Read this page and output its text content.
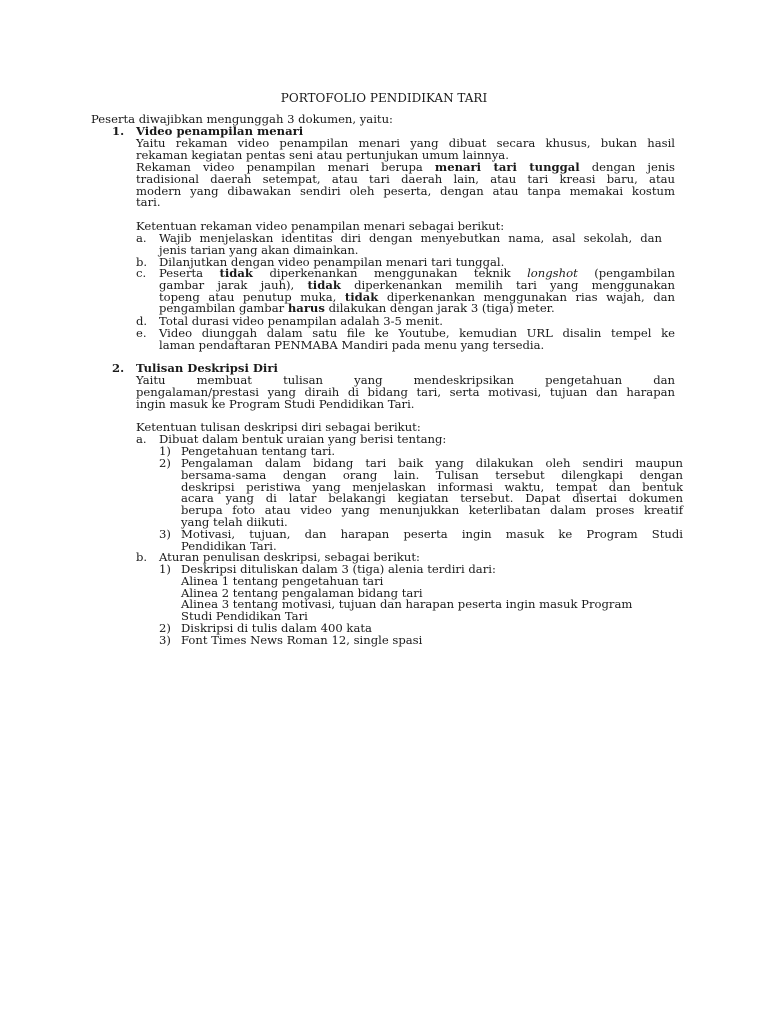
PORTOFOLIO PENDIDIKAN TARI
Peserta diwajibkan mengunggah 3 dokumen, yaitu:
1. Video penampilan menari
Yaitu rekaman video penampilan menari yang dibuat secara khusus, bukan hasil
rekaman kegiatan pentas seni atau pertunjukan umum lainnya.
Rekaman video penampilan menari berupa menari tari tunggal dengan jenis
tradisional daerah setempat, atau tari daerah lain, atau tari kreasi baru, atau
modern yang dibawakan sendiri oleh peserta, dengan atau tanpa memakai kostum
tari.
Ketentuan rekaman video penampilan menari sebagai berikut:
a. Wajib menjelaskan identitas diri dengan menyebutkan nama, asal sekolah, dan
jenis tarian yang akan dimainkan.
b. Dilanjutkan dengan video penampilan menari tari tunggal.
c. Peserta tidak diperkenankan menggunakan teknik longshot (pengambilan
gambar jarak jauh), tidak diperkenankan memilih tari yang menggunakan
topeng atau penutup muka, tidak diperkenankan menggunakan rias wajah, dan
pengambilan gambar harus dilakukan dengan jarak 3 (tiga) meter.
d. Total durasi video penampilan adalah 3-5 menit.
e. Video diunggah dalam satu file ke Youtube, kemudian URL disalin tempel ke
laman pendaftaran PENMABA Mandiri pada menu yang tersedia.
2. Tulisan Deskripsi Diri
Yaitu membuat tulisan yang mendeskripsikan pengetahuan dan
pengalaman/prestasi yang diraih di bidang tari, serta motivasi, tujuan dan harapan
ingin masuk ke Program Studi Pendidikan Tari.
Ketentuan tulisan deskripsi diri sebagai berikut:
a. Dibuat dalam bentuk uraian yang berisi tentang:
1) Pengetahuan tentang tari.
2) Pengalaman dalam bidang tari baik yang dilakukan oleh sendiri maupun
bersama-sama dengan orang lain. Tulisan tersebut dilengkapi dengan
deskripsi peristiwa yang menjelaskan informasi waktu, tempat dan bentuk
acara yang di latar belakangi kegiatan tersebut. Dapat disertai dokumen
berupa foto atau video yang menunjukkan keterlibatan dalam proses kreatif
yang telah diikuti.
3) Motivasi, tujuan, dan harapan peserta ingin masuk ke Program Studi
Pendidikan Tari.
b. Aturan penulisan deskripsi, sebagai berikut:
1) Deskripsi dituliskan dalam 3 (tiga) alenia terdiri dari:
Alinea 1 tentang pengetahuan tari
Alinea 2 tentang pengalaman bidang tari
Alinea 3 tentang motivasi, tujuan dan harapan peserta ingin masuk Program
Studi Pendidikan Tari
2) Diskripsi di tulis dalam 400 kata
3) Font Times News Roman 12, single spasi
